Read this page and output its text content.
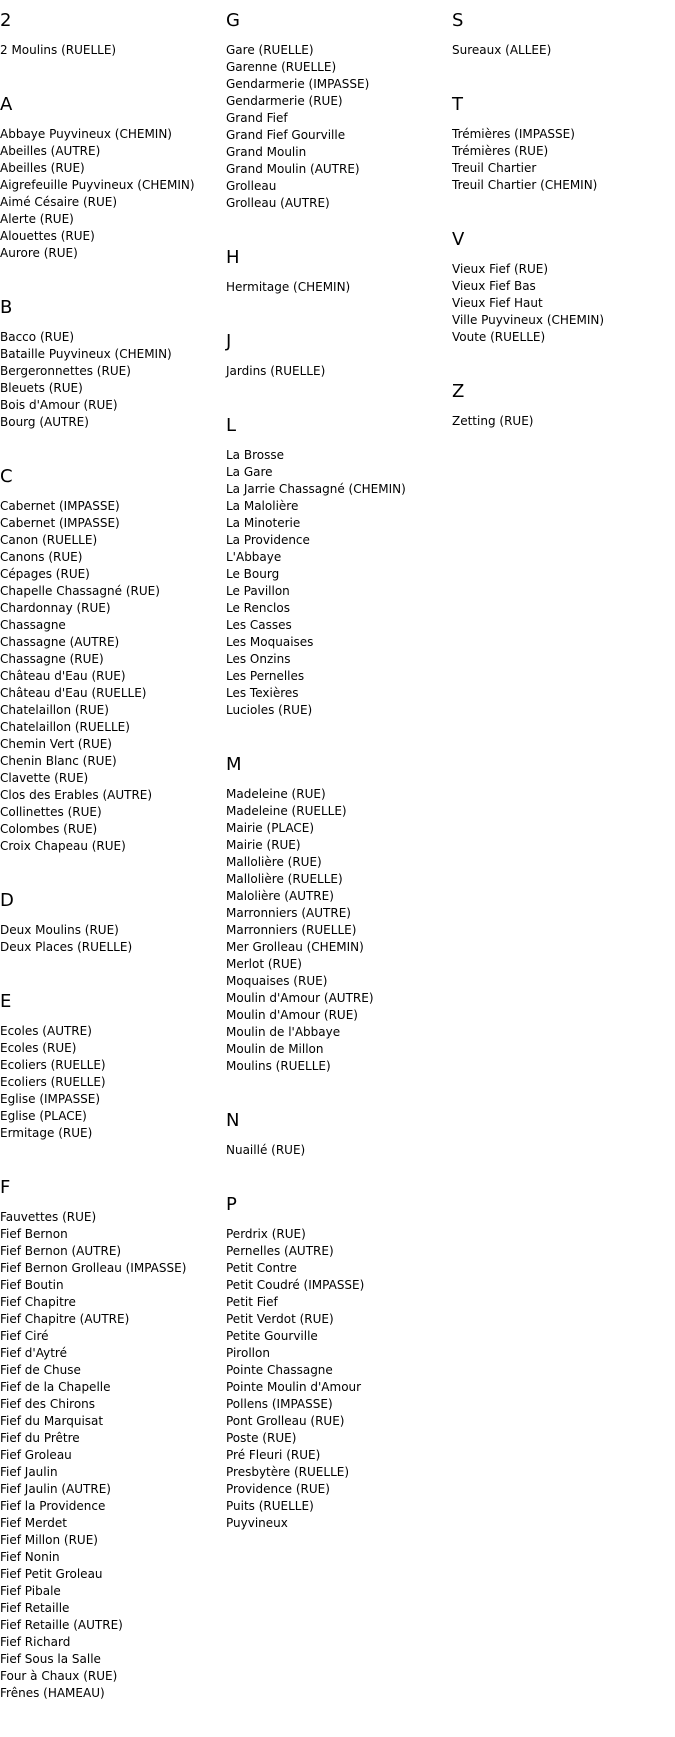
2
2 Moulins (RUELLE)
A
Abbaye Puyvineux (CHEMIN)
Abeilles (AUTRE)
Abeilles (RUE)
Aigrefeuille Puyvineux (CHEMIN)
Aimé Césaire (RUE)
Alerte (RUE)
Alouettes (RUE)
Aurore (RUE)
B
Bacco (RUE)
Bataille Puyvineux (CHEMIN)
Bergeronnettes (RUE)
Bleuets (RUE)
Bois d'Amour (RUE)
Bourg (AUTRE)
C
Cabernet (IMPASSE)
Cabernet (IMPASSE)
Canon (RUELLE)
Canons (RUE)
Cépages (RUE)
Chapelle Chassagné (RUE)
Chardonnay (RUE)
Chassagne
Chassagne (AUTRE)
Chassagne (RUE)
Château d'Eau (RUE)
Château d'Eau (RUELLE)
Chatelaillon (RUE)
Chatelaillon (RUELLE)
Chemin Vert (RUE)
Chenin Blanc (RUE)
Clavette (RUE)
Clos des Erables (AUTRE)
Collinettes (RUE)
Colombes (RUE)
Croix Chapeau (RUE)
D
Deux Moulins (RUE)
Deux Places (RUELLE)
E
Ecoles (AUTRE)
Ecoles (RUE)
Ecoliers (RUELLE)
Ecoliers (RUELLE)
Eglise (IMPASSE)
Eglise (PLACE)
Ermitage (RUE)
F
Fauvettes (RUE)
Fief Bernon
Fief Bernon (AUTRE)
Fief Bernon Grolleau (IMPASSE)
Fief Boutin
Fief Chapitre
Fief Chapitre (AUTRE)
Fief Ciré
Fief d'Aytré
Fief de Chuse
Fief de la Chapelle
Fief des Chirons
Fief du Marquisat
Fief du Prêtre
Fief Groleau
Fief Jaulin
Fief Jaulin (AUTRE)
Fief la Providence
Fief Merdet
Fief Millon (RUE)
Fief Nonin
Fief Petit Groleau
Fief Pibale
Fief Retaille
Fief Retaille (AUTRE)
Fief Richard
Fief Sous la Salle
Four à Chaux (RUE)
Frênes (HAMEAU)
G
Gare (RUELLE)
Garenne (RUELLE)
Gendarmerie (IMPASSE)
Gendarmerie (RUE)
Grand Fief
Grand Fief Gourville
Grand Moulin
Grand Moulin (AUTRE)
Grolleau
Grolleau (AUTRE)
H
Hermitage (CHEMIN)
J
Jardins (RUELLE)
L
La Brosse
La Gare
La Jarrie Chassagné (CHEMIN)
La Malolière
La Minoterie
La Providence
L'Abbaye
Le Bourg
Le Pavillon
Le Renclos
Les Casses
Les Moquaises
Les Onzins
Les Pernelles
Les Texières
Lucioles (RUE)
M
Madeleine (RUE)
Madeleine (RUELLE)
Mairie (PLACE)
Mairie (RUE)
Mallolière (RUE)
Mallolière (RUELLE)
Malolière (AUTRE)
Marronniers (AUTRE)
Marronniers (RUELLE)
Mer Grolleau (CHEMIN)
Merlot (RUE)
Moquaises (RUE)
Moulin d'Amour (AUTRE)
Moulin d'Amour (RUE)
Moulin de l'Abbaye
Moulin de Millon
Moulins (RUELLE)
N
Nuaillé (RUE)
P
Perdrix (RUE)
Pernelles (AUTRE)
Petit Contre
Petit Coudré (IMPASSE)
Petit Fief
Petit Verdot (RUE)
Petite Gourville
Pirollon
Pointe Chassagne
Pointe Moulin d'Amour
Pollens (IMPASSE)
Pont Grolleau (RUE)
Poste (RUE)
Pré Fleuri (RUE)
Presbytère (RUELLE)
Providence (RUE)
Puits (RUELLE)
Puyvineux
S
Sureaux (ALLEE)
T
Trémières (IMPASSE)
Trémières (RUE)
Treuil Chartier
Treuil Chartier (CHEMIN)
V
Vieux Fief (RUE)
Vieux Fief Bas
Vieux Fief Haut
Ville Puyvineux (CHEMIN)
Voute (RUELLE)
Z
Zetting (RUE)
